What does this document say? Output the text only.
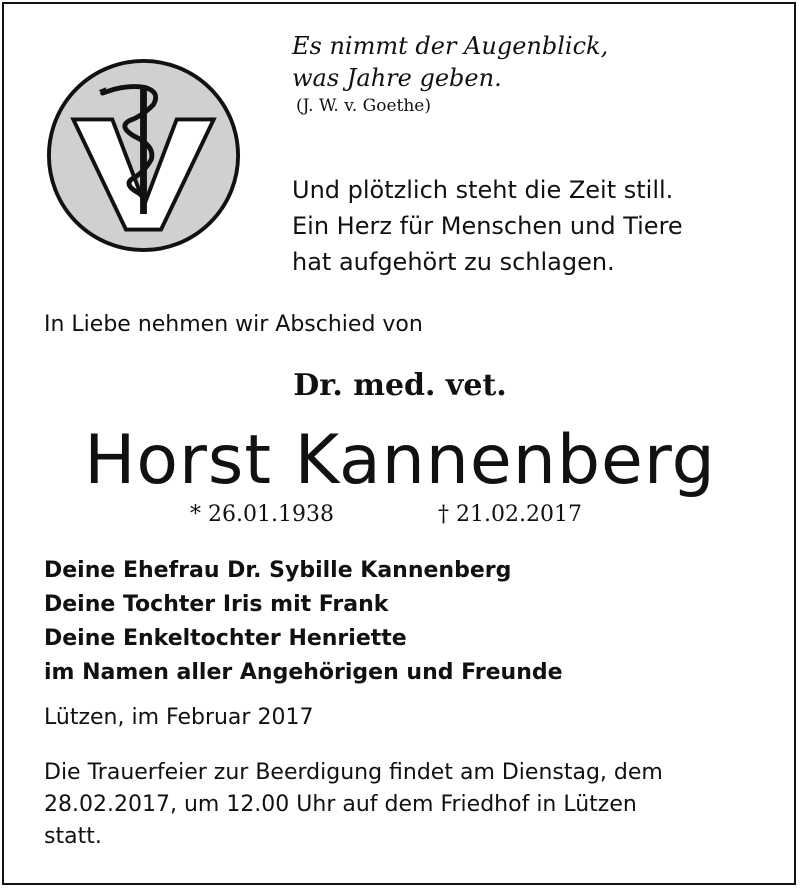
Es nimmt der Augenblick,
was Jahre geben.
(J. W. v. Goethe)
Und plötzlich steht die Zeit still.
Ein Herz für Menschen und Tiere
hat aufgehört zu schlagen.
In Liebe nehmen wir Abschied von
Dr. med. vet.
Horst Kannenberg
* 26.01.1938	† 21.02.2017
Deine Ehefrau Dr. Sybille Kannenberg
Deine Tochter Iris mit Frank
Deine Enkeltochter Henriette
im Namen aller Angehörigen und Freunde
Lützen, im Februar 2017
Die Trauerfeier zur Beerdigung findet am Dienstag, dem
28.02.2017, um 12.00 Uhr auf dem Friedhof in Lützen
statt.
